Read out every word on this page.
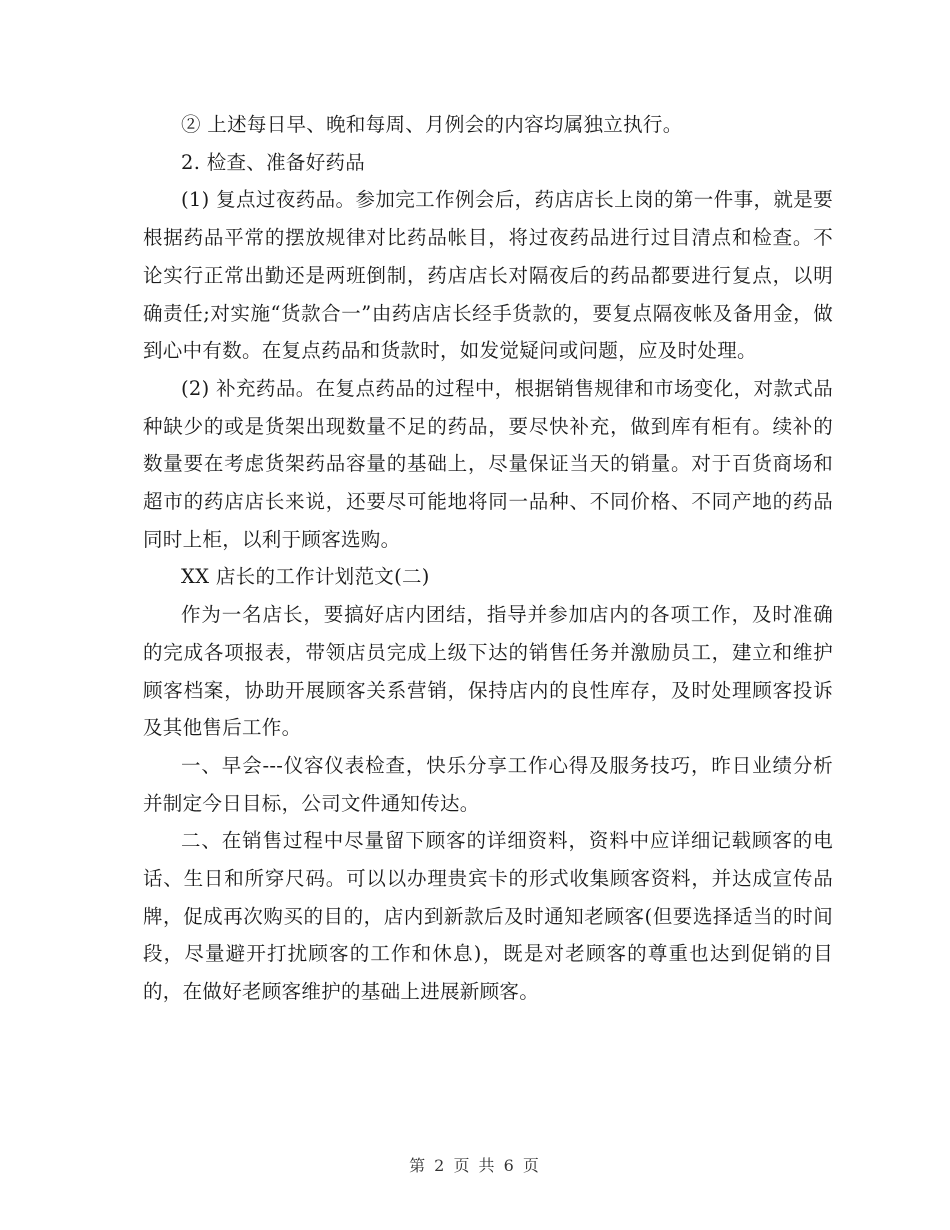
② 上述每日早、晚和每周、月例会的内容均属独立执行。

2. 检查、准备好药品

(1) 复点过夜药品。参加完工作例会后，药店店长上岗的第一件事，就是要根据药品平常的摆放规律对比药品帐目，将过夜药品进行过目清点和检查。不论实行正常出勤还是两班倒制，药店店长对隔夜后的药品都要进行复点，以明确责任;对实施“货款合一”由药店店长经手货款的，要复点隔夜帐及备用金，做到心中有数。在复点药品和货款时，如发觉疑问或问题，应及时处理。

(2) 补充药品。在复点药品的过程中，根据销售规律和市场变化，对款式品种缺少的或是货架出现数量不足的药品，要尽快补充，做到库有柜有。续补的数量要在考虑货架药品容量的基础上，尽量保证当天的销量。对于百货商场和超市的药店店长来说，还要尽可能地将同一品种、不同价格、不同产地的药品同时上柜，以利于顾客选购。

XX 店长的工作计划范文(二)

作为一名店长，要搞好店内团结，指导并参加店内的各项工作，及时准确的完成各项报表，带领店员完成上级下达的销售任务并激励员工，建立和维护顾客档案，协助开展顾客关系营销，保持店内的良性库存，及时处理顾客投诉及其他售后工作。

一、早会---仪容仪表检查，快乐分享工作心得及服务技巧，昨日业绩分析并制定今日目标，公司文件通知传达。

二、在销售过程中尽量留下顾客的详细资料，资料中应详细记载顾客的电话、生日和所穿尺码。可以以办理贵宾卡的形式收集顾客资料，并达成宣传品牌，促成再次购买的目的，店内到新款后及时通知老顾客(但要选择适当的时间段，尽量避开打扰顾客的工作和休息)，既是对老顾客的尊重也达到促销的目的，在做好老顾客维护的基础上进展新顾客。

第 2 页 共 6 页
